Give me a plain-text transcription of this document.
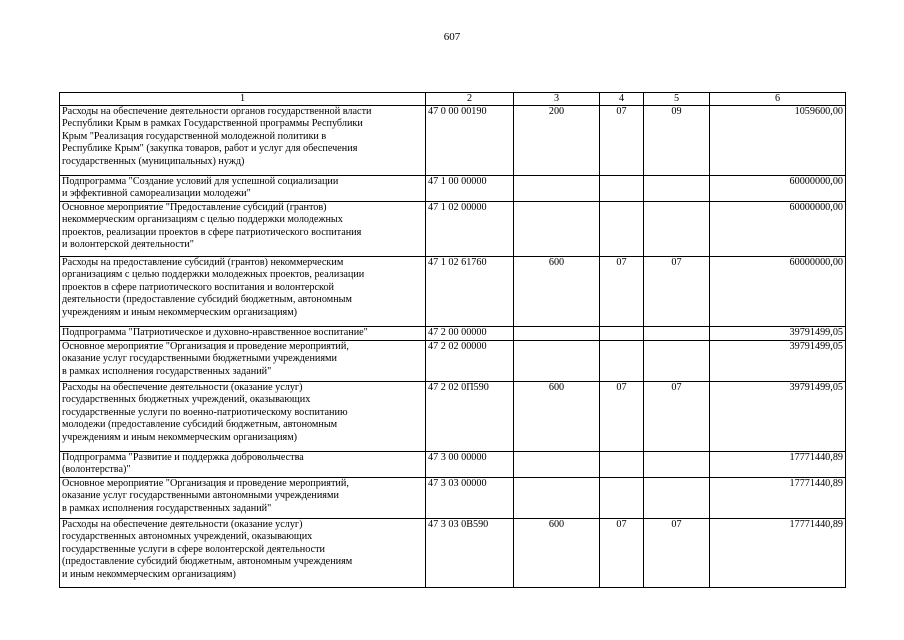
607
1	2	3	4	5	6
Расходы на обеспечение деятельности органов государственной власти
Республики Крым в рамках Государственной программы Республики
Крым "Реализация государственной молодежной политики в
Республике Крым" (закупка товаров, работ и услуг для обеспечения
государственных (муниципальных) нужд)	47 0 00 00190	200	07	09	1059600,00
Подпрограмма "Создание условий для успешной социализации
и эффективной самореализации молодежи"	47 1 00 00000				60000000,00
Основное мероприятие "Предоставление субсидий (грантов)
некоммерческим организациям с целью поддержки молодежных
проектов, реализации проектов в сфере патриотического воспитания
и волонтерской деятельности"	47 1 02 00000				60000000,00
Расходы на предоставление субсидий (грантов) некоммерческим
организациям с целью поддержки молодежных проектов, реализации
проектов в сфере патриотического воспитания и волонтерской
деятельности (предоставление субсидий бюджетным, автономным
учреждениям и иным некоммерческим организациям)	47 1 02 61760	600	07	07	60000000,00
Подпрограмма "Патриотическое и духовно-нравственное воспитание"	47 2 00 00000				39791499,05
Основное мероприятие "Организация и проведение мероприятий,
оказание услуг государственными бюджетными учреждениями
в рамках исполнения государственных заданий"	47 2 02 00000				39791499,05
Расходы на обеспечение деятельности (оказание услуг)
государственных бюджетных учреждений, оказывающих
государственные услуги по военно-патриотическому воспитанию
молодежи (предоставление субсидий бюджетным, автономным
учреждениям и иным некоммерческим организациям)	47 2 02 0П590	600	07	07	39791499,05
Подпрограмма "Развитие и поддержка добровольчества
(волонтерства)"	47 3 00 00000				17771440,89
Основное мероприятие "Организация и проведение мероприятий,
оказание услуг государственными автономными учреждениями
в рамках исполнения государственных заданий"	47 3 03 00000				17771440,89
Расходы на обеспечение деятельности (оказание услуг)
государственных автономных учреждений, оказывающих
государственные услуги в сфере волонтерской деятельности
(предоставление субсидий бюджетным, автономным учреждениям
и иным некоммерческим организациям)	47 3 03 0В590	600	07	07	17771440,89
